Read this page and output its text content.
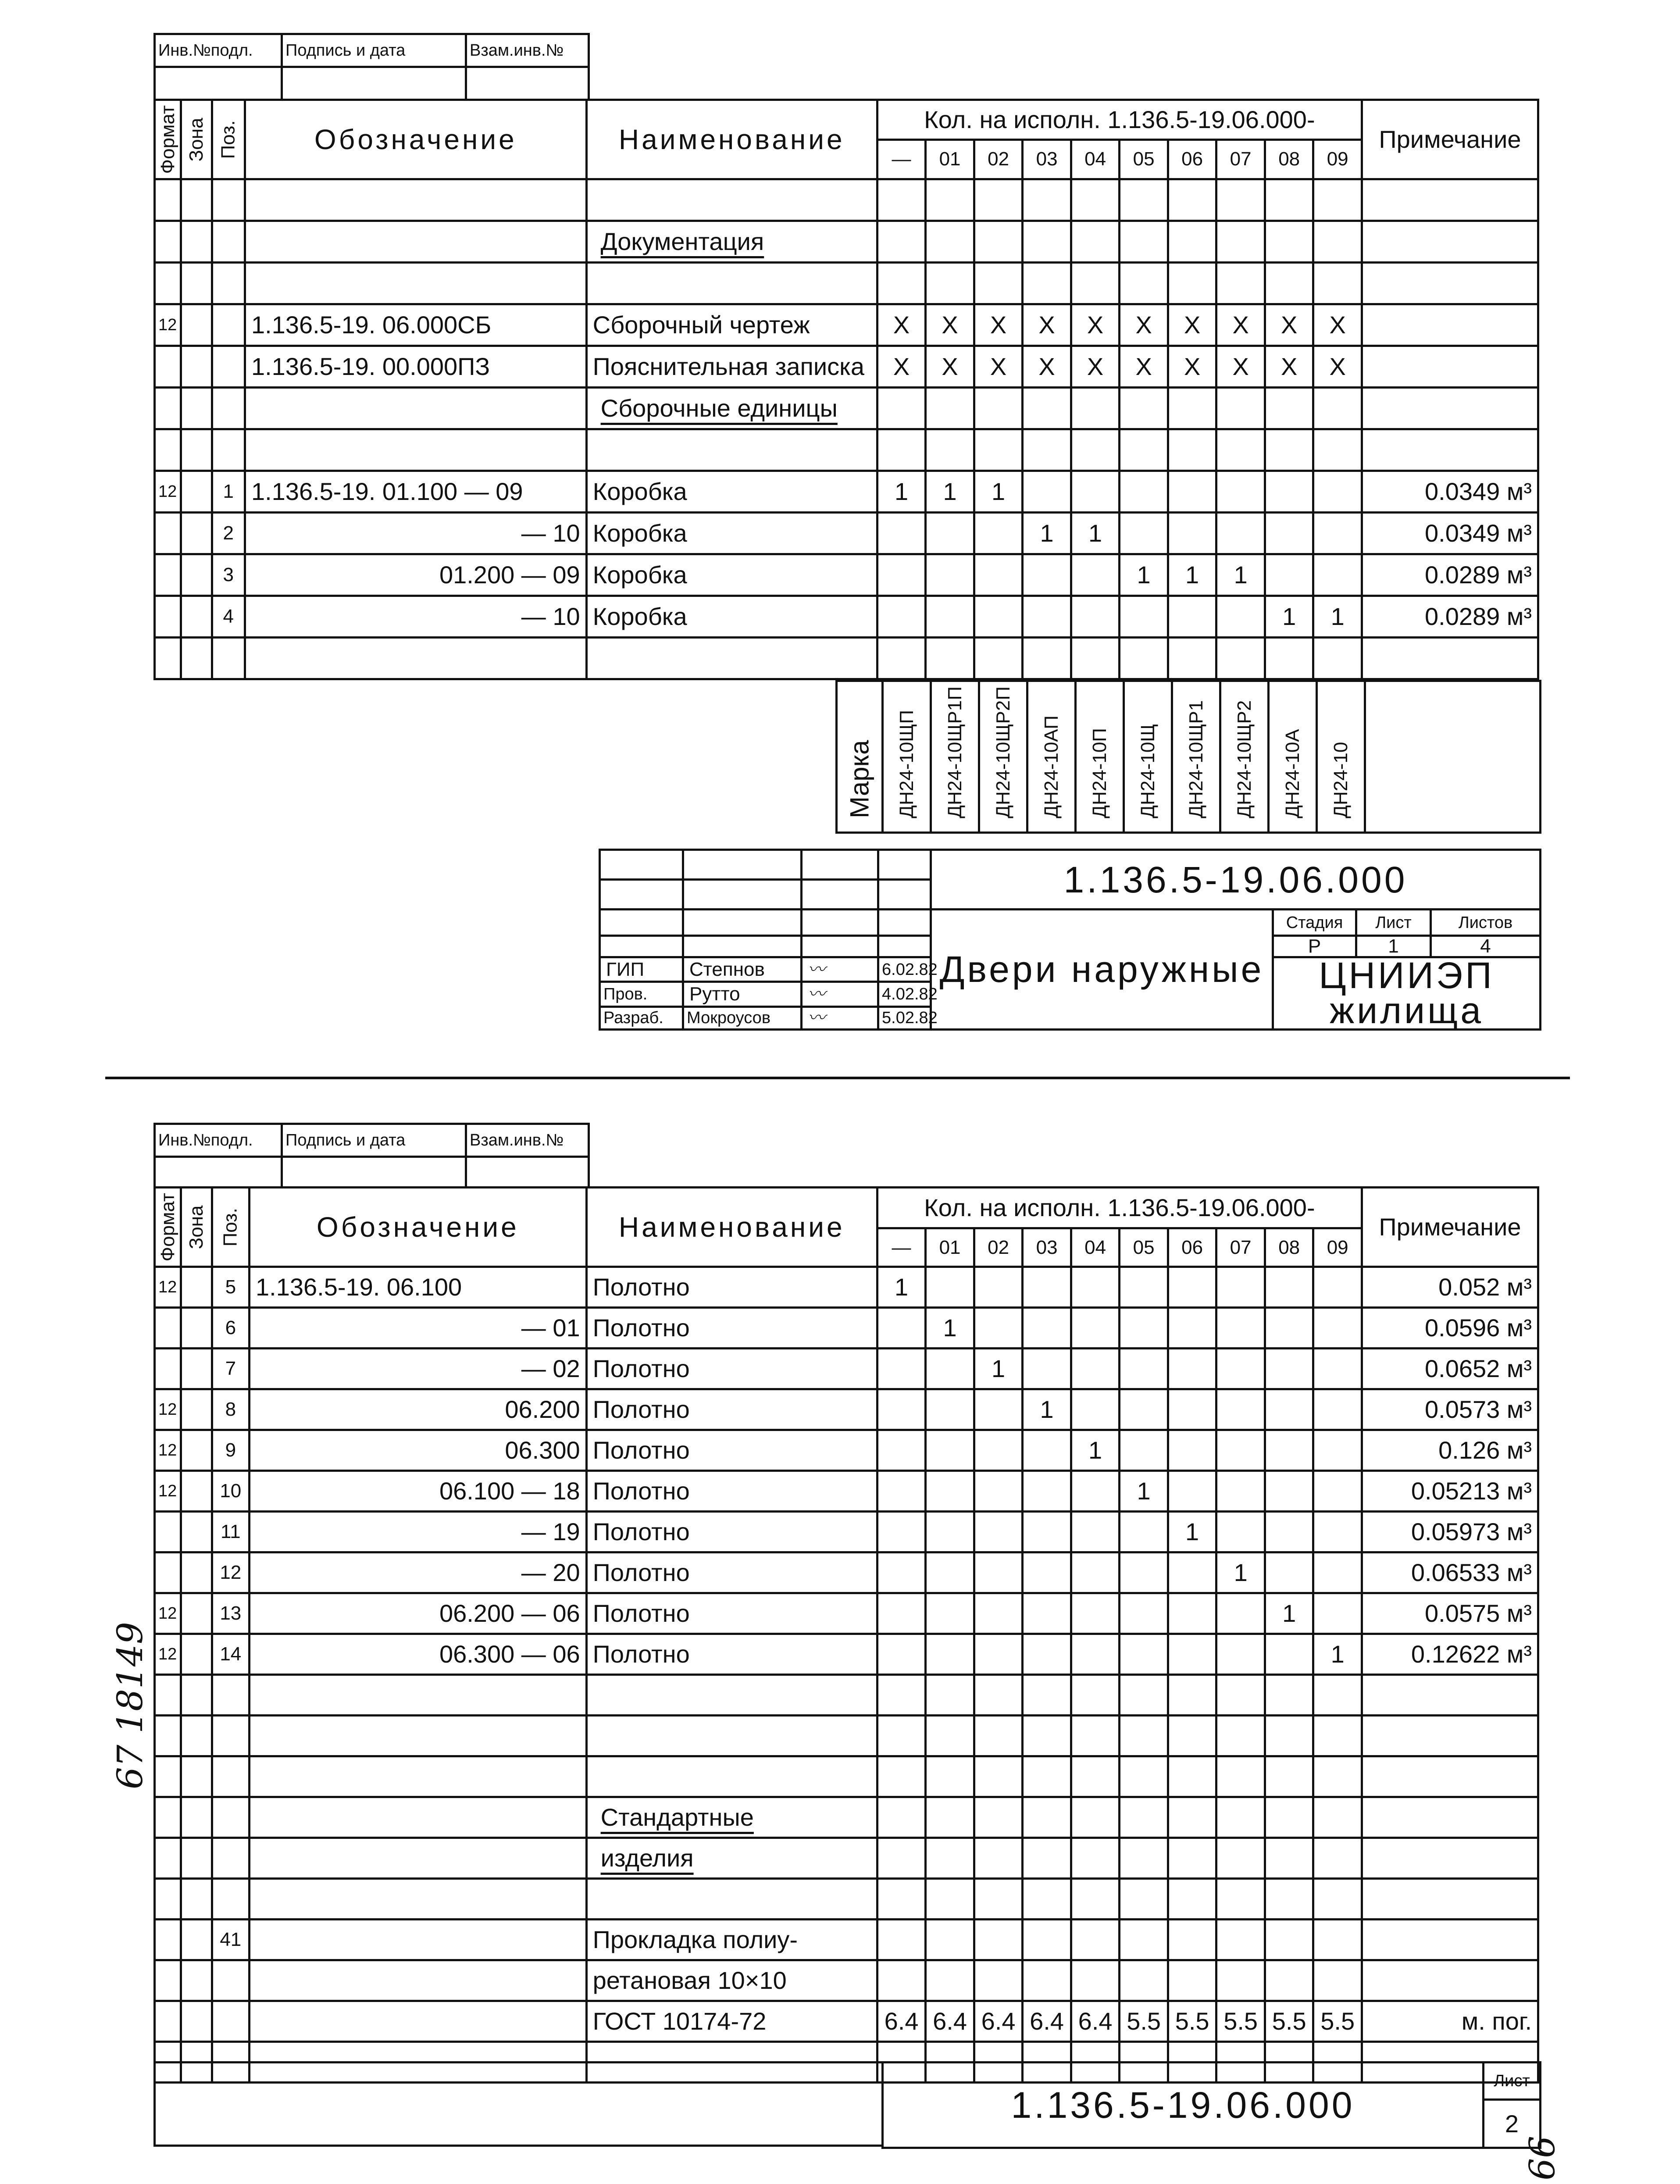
Инв.№подл.	Подпись и дата	Взам.инв.№

Формат	Зона	Поз.	Обозначение	Наименование	Кол. на исполн. 1.136.5-19.06.000-										Примечание
					—	01	02	03	04	05	06	07	08	09	

				Документация											

12			1.136.5-19. 06.000СБ	Сборочный чертеж	X	X	X	X	X	X	X	X	X	X	
			1.136.5-19. 00.000ПЗ	Пояснительная записка	X	X	X	X	X	X	X	X	X	X	
				Сборочные единицы											

12		1	1.136.5-19. 01.100 — 09	Коробка	1	1	1								0.0349 м³
		2	— 10	Коробка				1	1						0.0349 м³
		3	01.200 — 09	Коробка						1	1	1			0.0289 м³
		4	— 10	Коробка									1	1	0.0289 м³

Марка	ДН24-10ЩП	ДН24-10ЩР1П	ДН24-10ЩР2П	ДН24-10АП	ДН24-10П	ДН24-10Щ	ДН24-10ЩР1	ДН24-10ЩР2	ДН24-10А	ДН24-10	
				1.136.5-19.06.000			

				Двери наружные	Стадия	Лист	Листов
					Р	1	4
ГИП	Степнов	〰	6.02.82		ЦНИИЭП
жилища		
Пров.	Рутто	〰	4.02.82				
Разраб.	Мокроусов	〰	5.02.82				
Инв.№подл.	Подпись и дата	Взам.инв.№

Формат	Зона	Поз.	Обозначение	Наименование	Кол. на исполн. 1.136.5-19.06.000-										Примечание
					—	01	02	03	04	05	06	07	08	09	
12		5	1.136.5-19. 06.100	Полотно	1										0.052 м³
		6	— 01	Полотно		1									0.0596 м³
		7	— 02	Полотно			1								0.0652 м³
12		8	06.200	Полотно				1							0.0573 м³
12		9	06.300	Полотно					1						0.126 м³
12		10	06.100 — 18	Полотно						1					0.05213 м³
		11	— 19	Полотно							1				0.05973 м³
		12	— 20	Полотно								1			0.06533 м³
12		13	06.200 — 06	Полотно									1		0.0575 м³
12		14	06.300 — 06	Полотно										1	0.12622 м³

				Стандартные											
				изделия											

		41		Прокладка полиу-											
				ретановая 10×10											
				ГОСТ 10174-72	6.4	6.4	6.4	6.4	6.4	5.5	5.5	5.5	5.5	5.5	м. пог.

1.136.5-19.06.000	Лист
2
67 18149
99
